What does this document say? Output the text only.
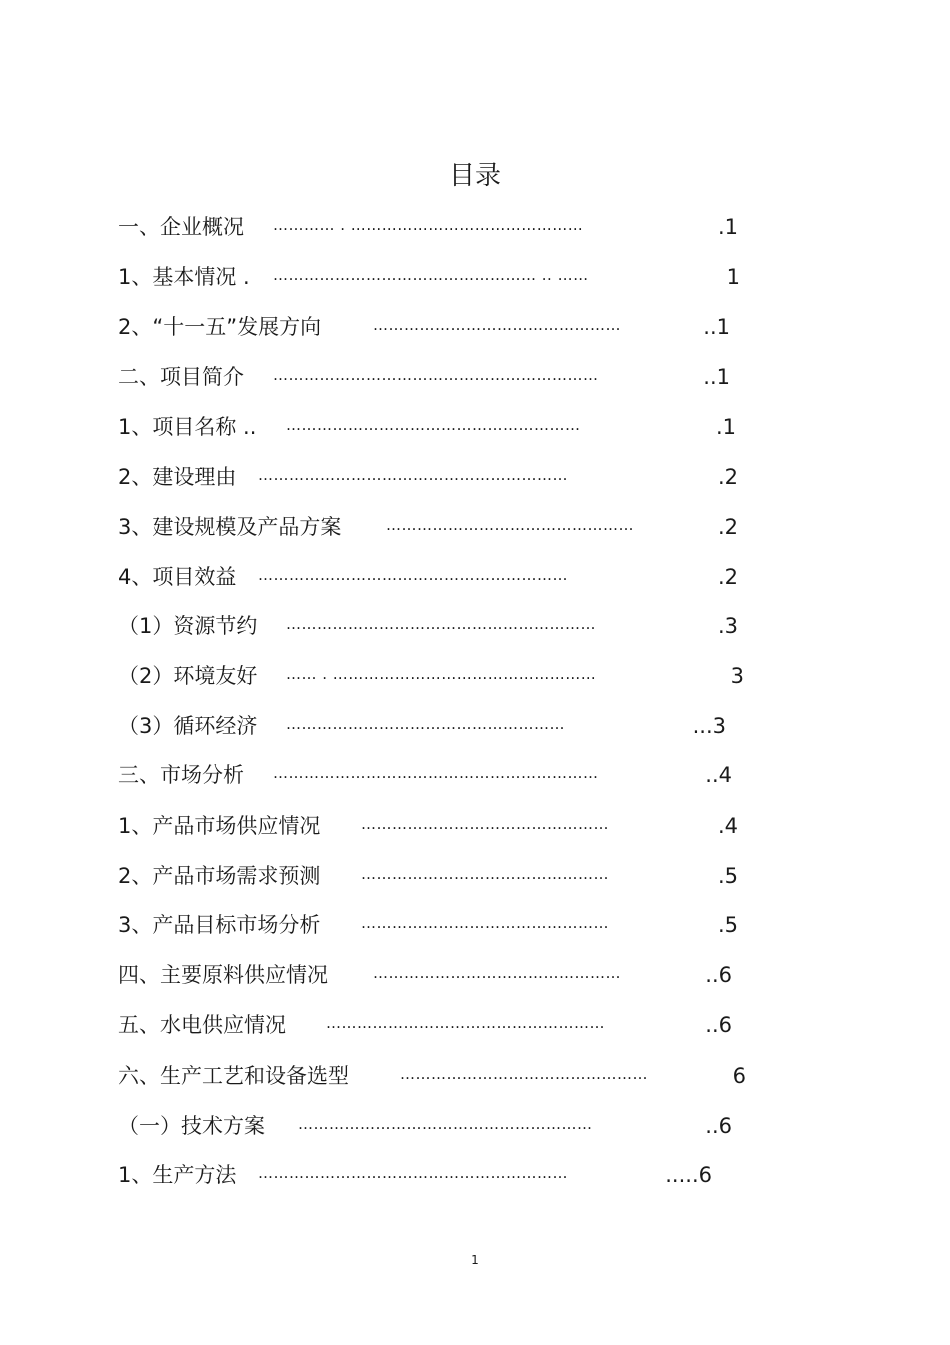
目录
一、企业概况 ………… . ………………………………………	.1
1、基本情况 . …………………………………………… .. ……	1
2、“十一五”发展方向	…………………………………………	..1
二、项目简介 ………………………………………………………	..1
1、项目名称 .. …………………………………………………	.1
2、建设理由 ……………………………………………………	.2
3、建设规模及产品方案	…………………………………………	.2
4、项目效益 ……………………………………………………	.2
（1）资源节约 ……………………………………………………	.3
（2）环境友好 …… . ……………………………………………	3
（3）循环经济 ………………………………………………	...3
三、市场分析 ………………………………………………………	..4
1、产品市场供应情况	…………………………………………	.4
2、产品市场需求预测	…………………………………………	.5
3、产品目标市场分析	…………………………………………	.5
四、主要原料供应情况	…………………………………………	..6
五、水电供应情况	………………………………………………	..6
六、生产工艺和设备选型	…………………………………………	6
（一）技术方案 …………………………………………………	..6
1、生产方法 ……………………………………………………	.....6
1
